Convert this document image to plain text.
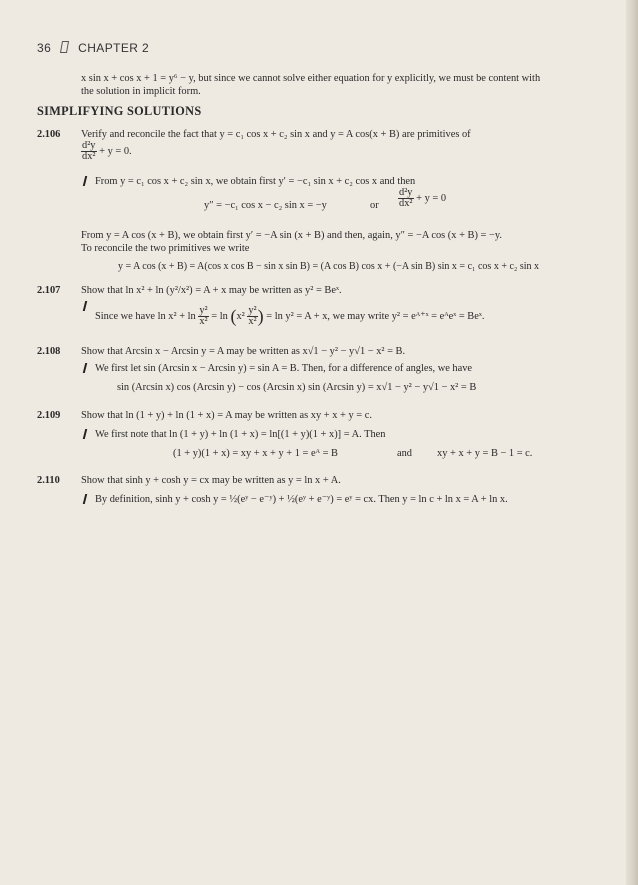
36 CHAPTER 2
x sin x + cos x + 1 = y⁶ − y, but since we cannot solve either equation for y explicitly, we must be content with
the solution in implicit form.
SIMPLIFYING SOLUTIONS
2.106 Verify and reconcile the fact that y = c₁ cos x + c₂ sin x and y = A cos(x + B) are primitives of
$\frac{\text{d²y}}{\text{dx²}} + y = 0$.
From y = c₁ cos x + c₂ sin x, we obtain first y′ = −c₁ sin x + c₂ cos x and then
y″ = −c₁ cos x − c₂ sin x = −y	or $\frac{\text{d²y}}{\text{dx²}} + y = 0$
From y = A cos (x + B), we obtain first y′ = −A sin (x + B) and then, again, y″ = −A cos (x + B) = −y.
To reconcile the two primitives we write
y = A cos (x + B) = A(cos x cos B − sin x sin B) = (A cos B) cos x + (−A sin B) sin x = c₁ cos x + c₂ sin x
2.107 Show that ln x² + ln (y²/x²) = A + x may be written as y² = Beˣ.
Since we have $\ln x^2 + \ln \frac{\text{y²}}{\text{x²}} = \ln (x^2 \frac{\text{y²}}{\text{x²}}$ ) = ln y² = A + x, we may write y² = eᴬ⁺ˣ = eᴬeˣ = Beˣ.
2.108 Show that Arcsin x − Arcsin y = A may be written as x√1 − y² − y√1 − x² = B.
We first let sin (Arcsin x − Arcsin y) = sin A = B. Then, for a difference of angles, we have
sin (Arcsin x) cos (Arcsin y) − cos (Arcsin x) sin (Arcsin y) = x√1 − y² − y√1 − x² = B
2.109 Show that ln (1 + y) + ln (1 + x) = A may be written as xy + x + y = c.
We first note that ln (1 + y) + ln (1 + x) = ln[(1 + y)(1 + x)] = A. Then
(1 + y)(1 + x) = xy + x + y + 1 = eᴬ = B	and xy + x + y = B − 1 = c.
2.110 Show that sinh y + cosh y = cx may be written as y = ln x + A.
By definition, sinh y + cosh y = ½(eʸ − e⁻ʸ) + ½(eʸ + e⁻ʸ) = eʸ = cx. Then y = ln c + ln x = A + ln x.
